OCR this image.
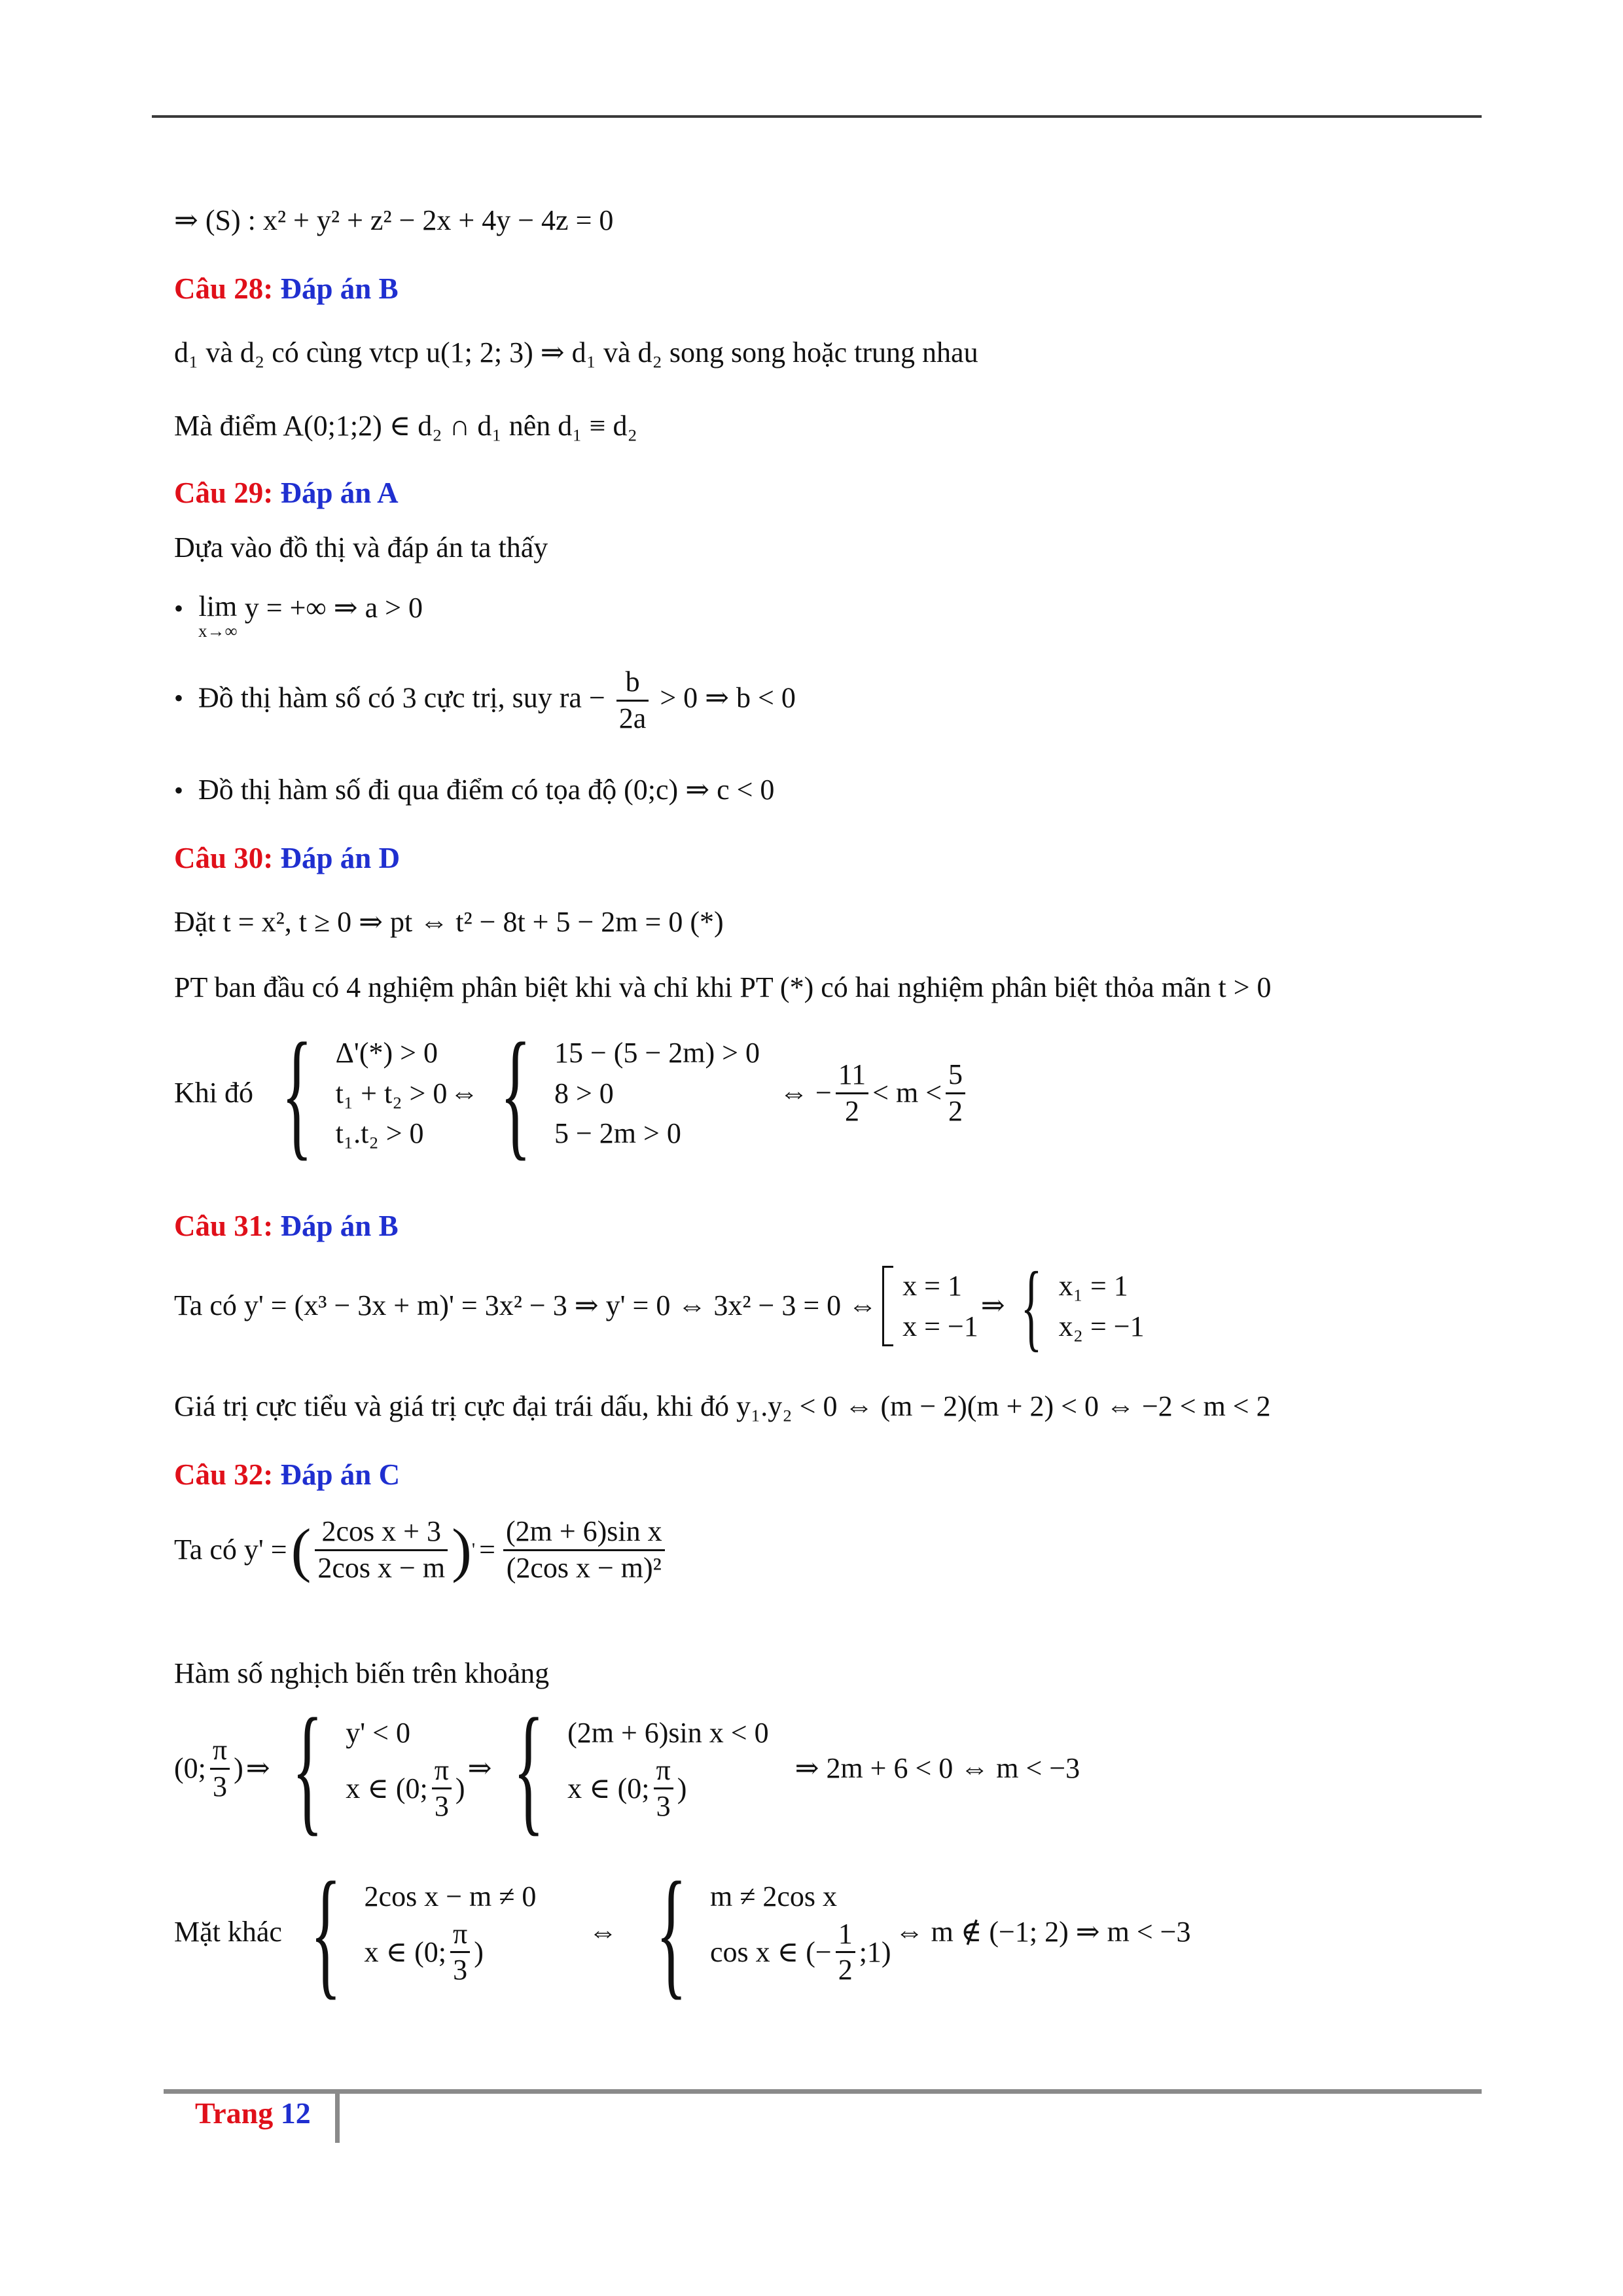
⇒ (S) : x² + y² + z² − 2x + 4y − 4z = 0
Câu 28: Đáp án B
d₁ và d₂ có cùng vtcp u(1; 2; 3) ⇒ d₁ và d₂ song song hoặc trung nhau
Mà điểm A(0;1;2) ∈ d₂ ∩ d₁ nên d₁ ≡ d₂
Câu 29: Đáp án A
Dựa vào đồ thị và đáp án ta thấy
• lim
x→∞
y = +∞ ⇒ a > 0
• Đồ thị hàm số có 3 cực trị, suy ra − $\frac{b}{2a} > 0$ ⇒ b < 0
• Đồ thị hàm số đi qua điểm có tọa độ (0;c) ⇒ c < 0
Câu 30: Đáp án D
Đặt t = x², t ≥ 0 ⇒ pt ⇔ t² − 8t + 5 − 2m = 0 (*)
PT ban đầu có 4 nghiệm phân biệt khi và chỉ khi PT (*) có hai nghiệm phân biệt thỏa mãn t > 0
Khi đó { Δ'(*) > 0
t₁ + t₂ > 0
t₁.t₂ > 0
⇔ { 15 − (5 − 2m) > 0
8 > 0
5 − 2m > 0
⇔ − $\frac{11}{2} < m < \frac{5}{2}$
Câu 31: Đáp án B
Ta có y' = (x³ − 3x + m)' = 3x² − 3 ⇒ y' = 0 ⇔ 3x² − 3 = 0 ⇔
x = 1
x = −1
⇒ { x₁ = 1
x₂ = −1
Giá trị cực tiểu và giá trị cực đại trái dấu, khi đó y₁.y₂ < 0 ⇔ (m − 2)(m + 2) < 0 ⇔ −2 < m < 2
Câu 32: Đáp án C
Ta có y' = ( $\frac{\text{2cos x + 3}}{\text{2cos x − m}}$ ) ' = $\frac{\text{(2m + 6)sin x}}{\text{(2cos x − m)²}}$
Hàm số nghịch biến trên khoảng
(0; $\frac{\pi}{3}$ ) ⇒ { y' < 0
x ∈ (0; $\frac{\pi}{3}$ )
⇒ { (2m + 6)sin x < 0
x ∈ (0; $\frac{\pi}{3}$ )
⇒ 2m + 6 < 0 ⇔ m < −3
Mặt khác { 2cos x − m ≠ 0
x ∈ (0; $\frac{\pi}{3}$ )
⇔ { m ≠ 2cos x
cos x ∈ (− $\frac{1}{2}$ ;1)
⇔ m ∉ (−1; 2) ⇒ m < −3
Trang 12
